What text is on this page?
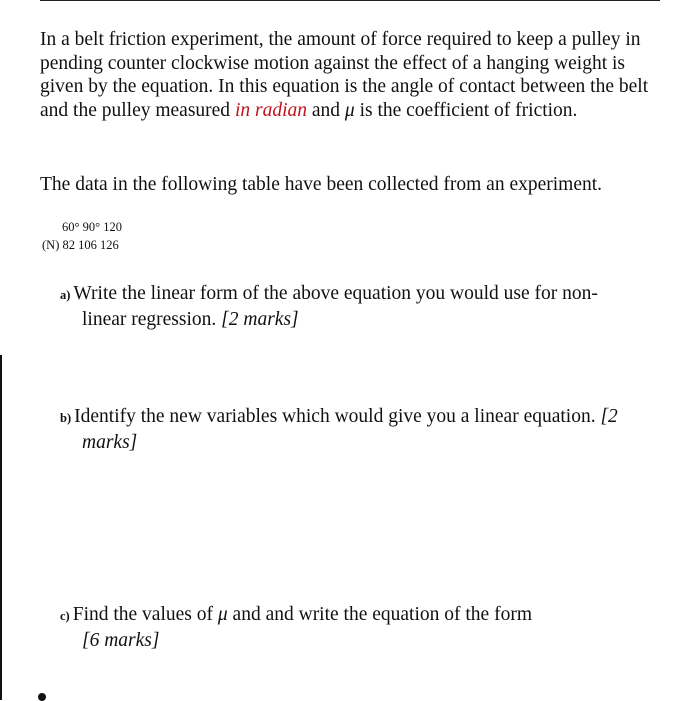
In a belt friction experiment, the amount of force required to keep a pulley in pending counter clockwise motion against the effect of a hanging weight is given by the equation. In this equation is the angle of contact between the belt and the pulley measured in radian and μ is the coefficient of friction.

The data in the following table have been collected from an experiment.

60° 90° 120
(N) 82 106 126
a) Write the linear form of the above equation you would use for non-
linear regression. [2 marks]
b) Identify the new variables which would give you a linear equation. [2
marks]
c) Find the values of μ and and write the equation of the form
[6 marks]
